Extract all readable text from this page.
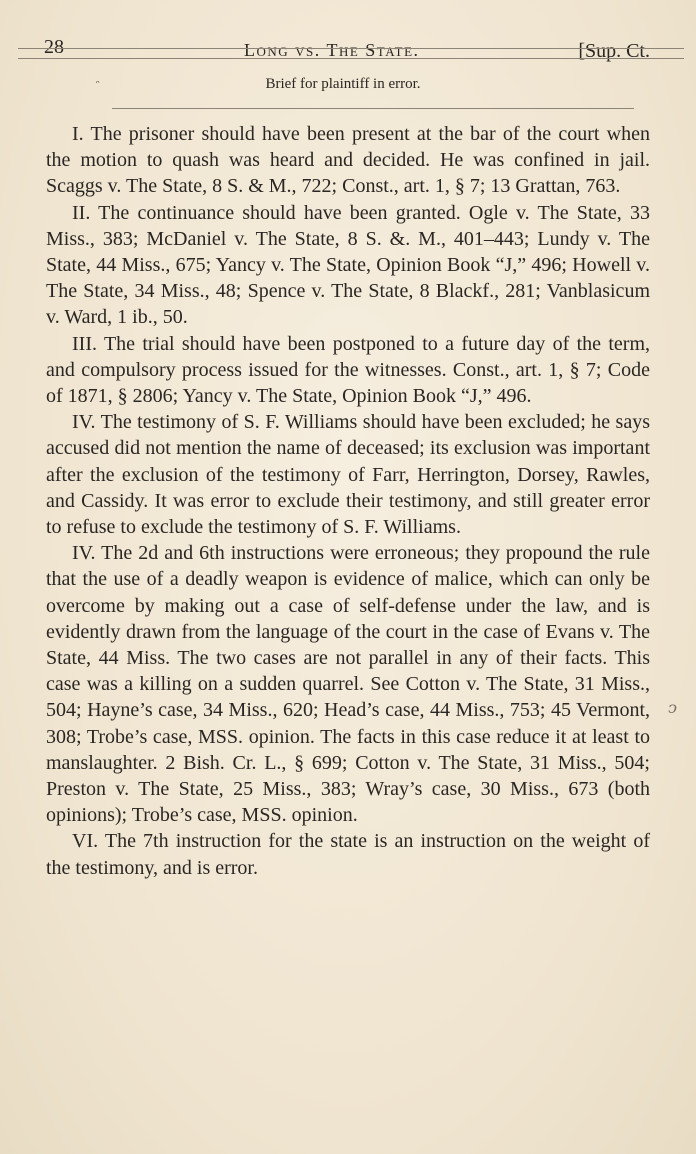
28	Long vs. The State.	[Sup. Ct.
ᵔ	Brief for plaintiff in error.

I. The prisoner should have been present at the bar of the court when the motion to quash was heard and decided. He was confined in jail. Scaggs v. The State, 8 S. & M., 722; Const., art. 1, § 7; 13 Grattan, 763.

II. The continuance should have been granted. Ogle v. The State, 33 Miss., 383; McDaniel v. The State, 8 S. &. M., 401–443; Lundy v. The State, 44 Miss., 675; Yancy v. The State, Opinion Book “J,” 496; Howell v. The State, 34 Miss., 48; Spence v. The State, 8 Blackf., 281; Vanblasicum v. Ward, 1 ib., 50.

III. The trial should have been postponed to a future day of the term, and compulsory process issued for the witnesses. Const., art. 1, § 7; Code of 1871, § 2806; Yancy v. The State, Opinion Book “J,” 496.

IV. The testimony of S. F. Williams should have been excluded; he says accused did not mention the name of deceased; its exclusion was important after the exclusion of the testimony of Farr, Herrington, Dorsey, Rawles, and Cassidy. It was error to exclude their testimony, and still greater error to refuse to exclude the testimony of S. F. Williams.

IV. The 2d and 6th instructions were erroneous; they propound the rule that the use of a deadly weapon is evidence of malice, which can only be overcome by making out a case of self-defense under the law, and is evidently drawn from the language of the court in the case of Evans v. The State, 44 Miss. The two cases are not parallel in any of their facts. This case was a killing on a sudden quarrel. See Cotton v. The State, 31 Miss., 504; Hayne’s case, 34 Miss., 620; Head’s case, 44 Miss., 753; 45 Vermont, 308; Trobe’s case, MSS. opinion. The facts in this case reduce it at least to manslaughter. 2 Bish. Cr. L., § 699; Cotton v. The State, 31 Miss., 504; Preston v. The State, 25 Miss., 383; Wray’s case, 30 Miss., 673 (both opinions); Trobe’s case, MSS. opinion.

VI. The 7th instruction for the state is an instruction on the weight of the testimony, and is error.

ↄ
